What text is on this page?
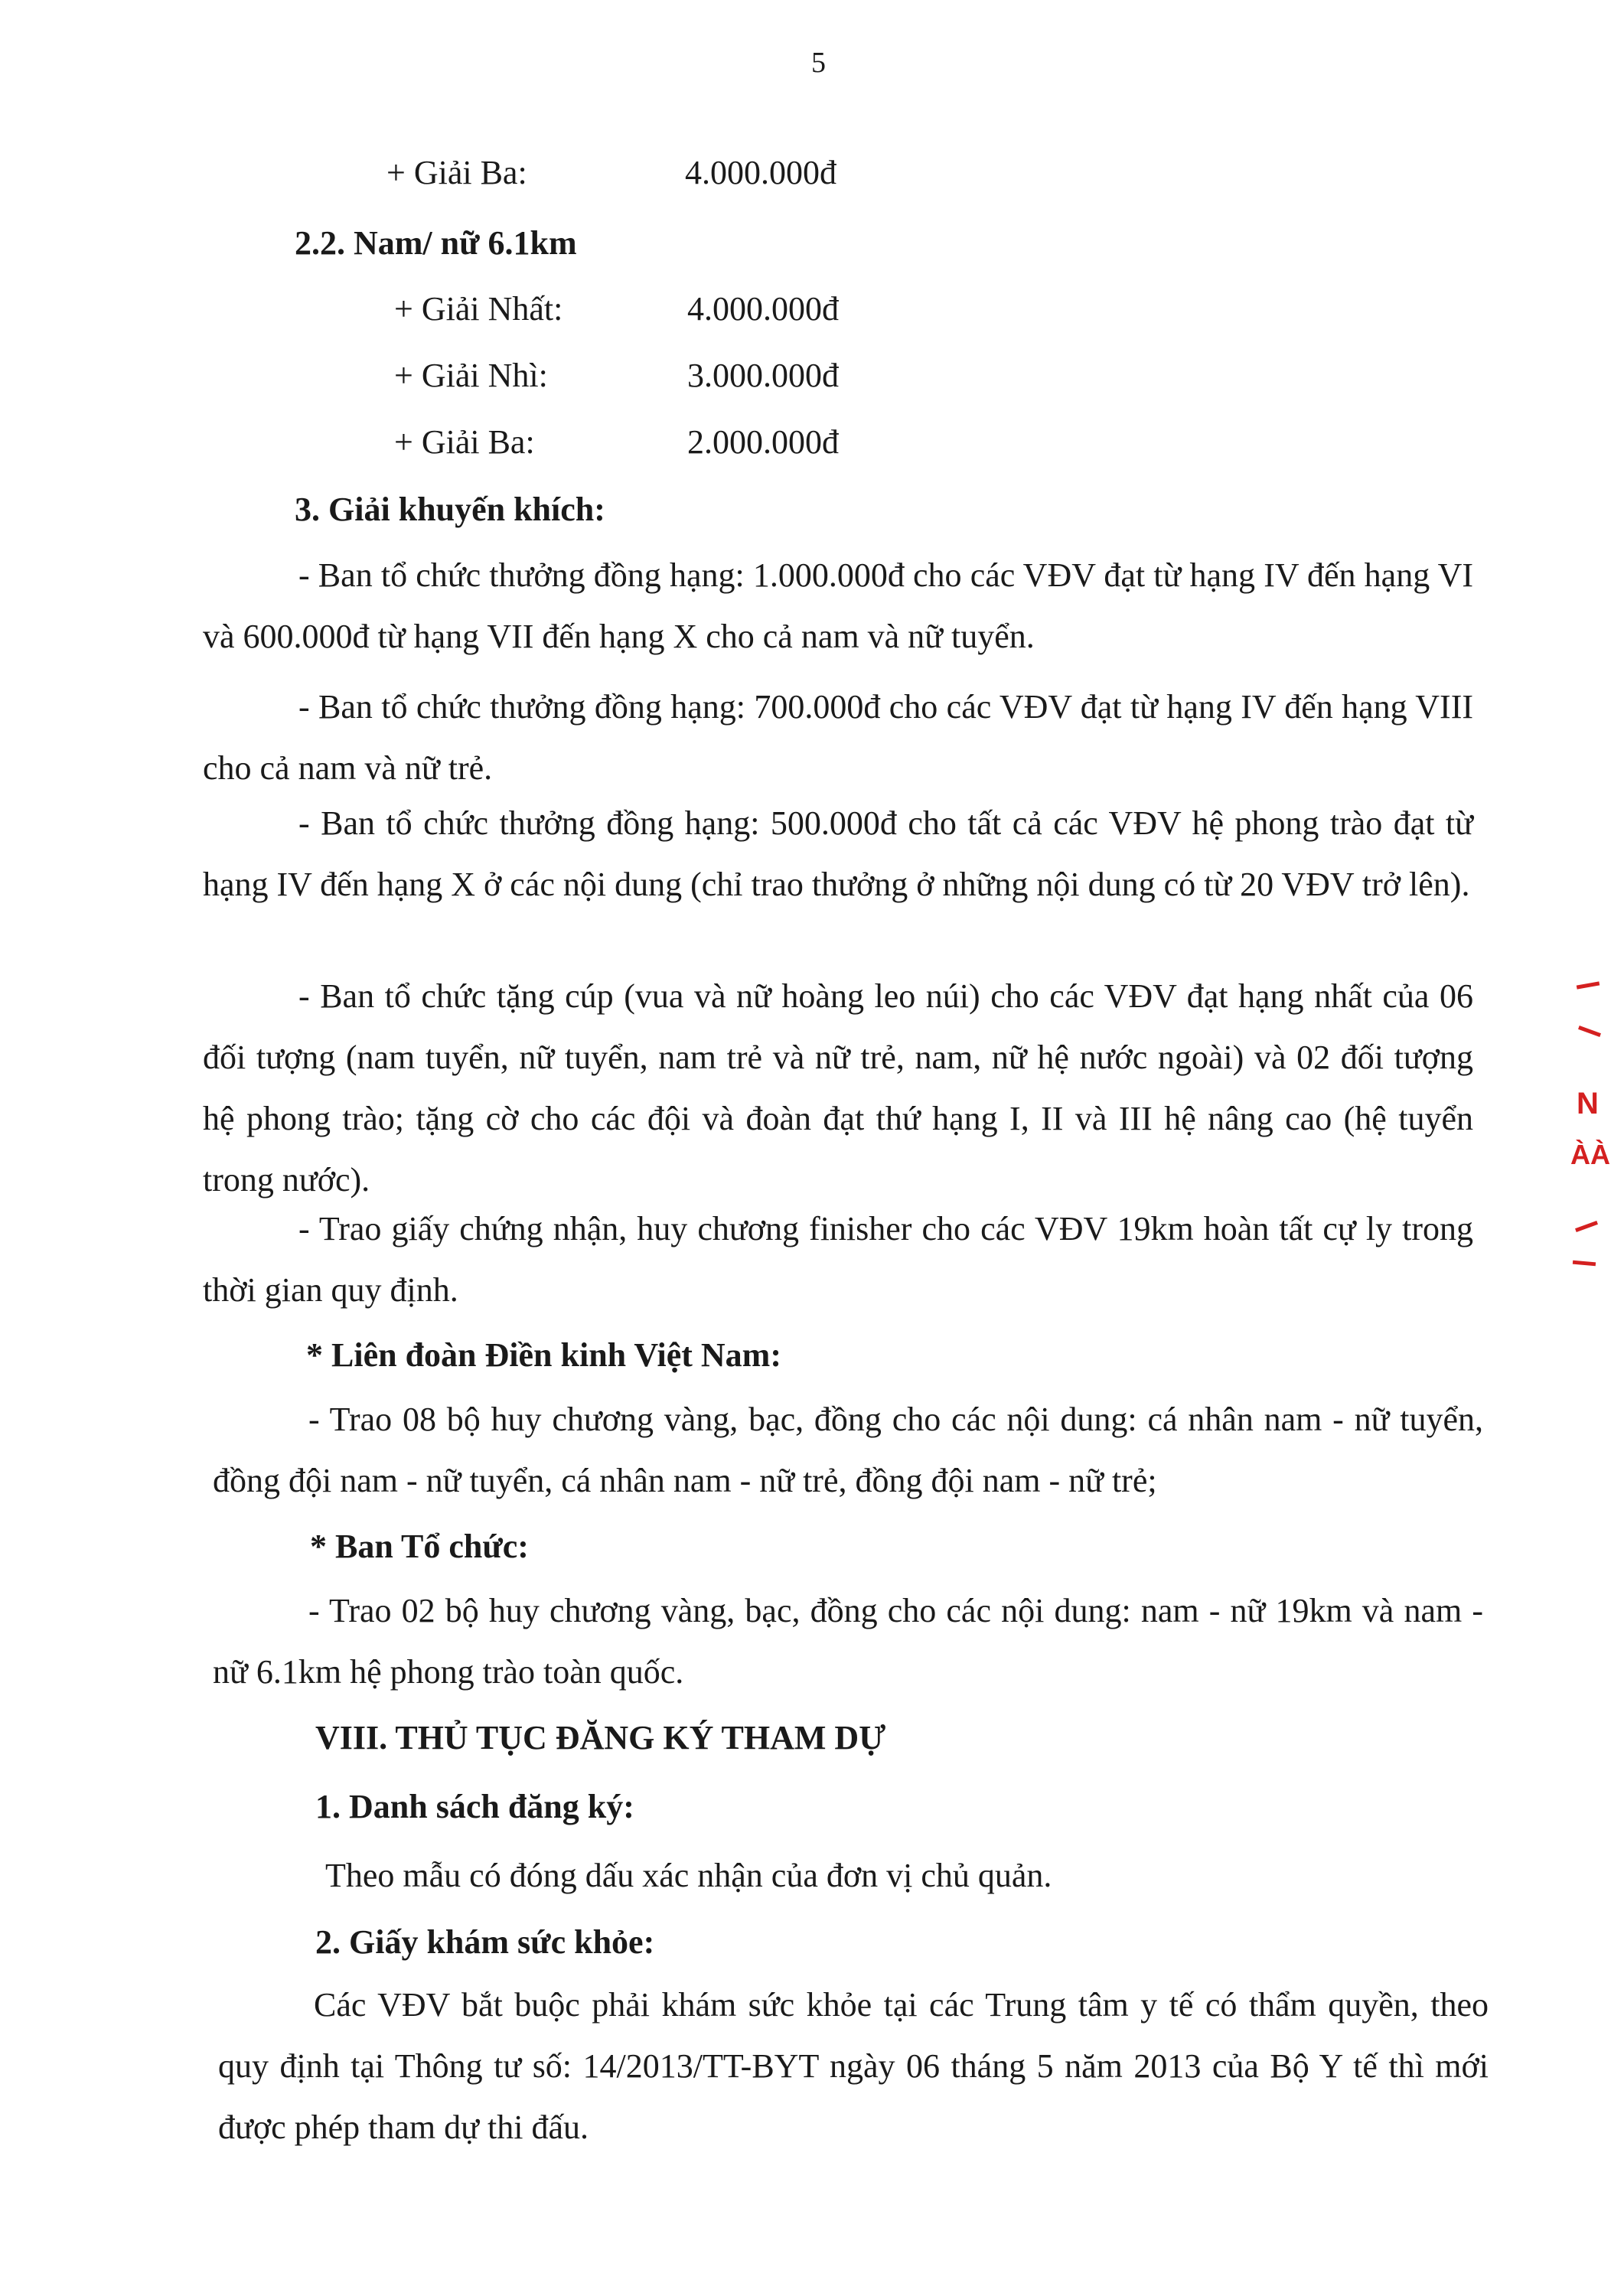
5
+ Giải Ba:	4.000.000đ
2.2. Nam/ nữ 6.1km
+ Giải Nhất:	4.000.000đ
+ Giải Nhì:	3.000.000đ
+ Giải Ba:	2.000.000đ
3. Giải khuyến khích:
- Ban tổ chức thưởng đồng hạng: 1.000.000đ cho các VĐV đạt từ hạng IV đến hạng VI và 600.000đ từ hạng VII đến hạng X cho cả nam và nữ tuyển.
- Ban tổ chức thưởng đồng hạng: 700.000đ cho các VĐV đạt từ hạng IV đến hạng VIII cho cả nam và nữ trẻ.
- Ban tổ chức thưởng đồng hạng: 500.000đ cho tất cả các VĐV hệ phong trào đạt từ hạng IV đến hạng X ở các nội dung (chỉ trao thưởng ở những nội dung có từ 20 VĐV trở lên).
- Ban tổ chức tặng cúp (vua và nữ hoàng leo núi) cho các VĐV đạt hạng nhất của 06 đối tượng (nam tuyển, nữ tuyển, nam trẻ và nữ trẻ, nam, nữ hệ nước ngoài) và 02 đối tượng hệ phong trào; tặng cờ cho các đội và đoàn đạt thứ hạng I, II và III hệ nâng cao (hệ tuyển trong nước).
- Trao giấy chứng nhận, huy chương finisher cho các VĐV 19km hoàn tất cự ly trong thời gian quy định.
* Liên đoàn Điền kinh Việt Nam:
- Trao 08 bộ huy chương vàng, bạc, đồng cho các nội dung: cá nhân nam - nữ tuyển, đồng đội nam - nữ tuyển, cá nhân nam - nữ trẻ, đồng đội nam - nữ trẻ;
* Ban Tổ chức:
- Trao 02 bộ huy chương vàng, bạc, đồng cho các nội dung: nam - nữ 19km và nam - nữ 6.1km hệ phong trào toàn quốc.
VIII. THỦ TỤC ĐĂNG KÝ THAM DỰ
1. Danh sách đăng ký:
Theo mẫu có đóng dấu xác nhận của đơn vị chủ quản.
2. Giấy khám sức khỏe:
Các VĐV bắt buộc phải khám sức khỏe tại các Trung tâm y tế có thẩm quyền, theo quy định tại Thông tư số: 14/2013/TT-BYT ngày 06 tháng 5 năm 2013 của Bộ Y tế thì mới được phép tham dự thi đấu.
N
ÀÀ
